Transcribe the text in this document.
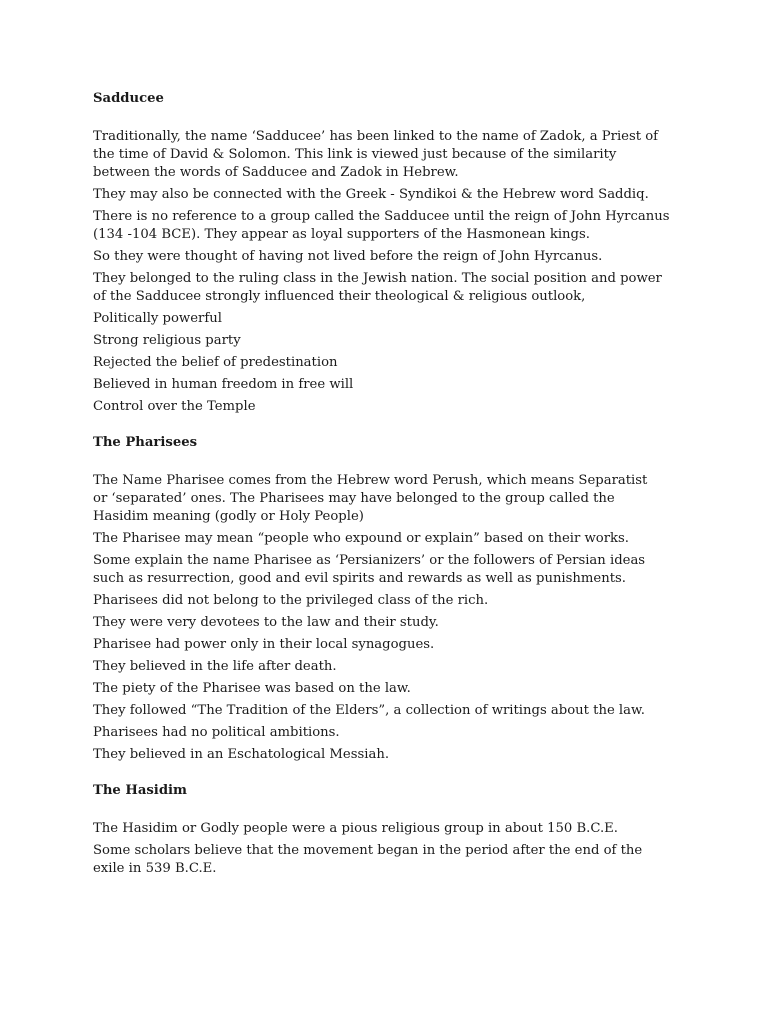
Sadducee
Traditionally, the name ‘Sadducee’ has been linked to the name of Zadok, a Priest of
the time of David & Solomon. This link is viewed just because of the similarity
between the words of Sadducee and Zadok in Hebrew.
They may also be connected with the Greek - Syndikoi & the Hebrew word Saddiq.
There is no reference to a group called the Sadducee until the reign of John Hyrcanus
(134 -104 BCE). They appear as loyal supporters of the Hasmonean kings.
So they were thought of having not lived before the reign of John Hyrcanus.
They belonged to the ruling class in the Jewish nation. The social position and power
of the Sadducee strongly influenced their theological & religious outlook,
Politically powerful
Strong religious party
Rejected the belief of predestination
Believed in human freedom in free will
Control over the Temple
The Pharisees
The Name Pharisee comes from the Hebrew word Perush, which means Separatist
or ‘separated’ ones. The Pharisees may have belonged to the group called the
Hasidim meaning (godly or Holy People)
The Pharisee may mean “people who expound or explain” based on their works.
Some explain the name Pharisee as ‘Persianizers’ or the followers of Persian ideas
such as resurrection, good and evil spirits and rewards as well as punishments.
Pharisees did not belong to the privileged class of the rich.
They were very devotees to the law and their study.
Pharisee had power only in their local synagogues.
They believed in the life after death.
The piety of the Pharisee was based on the law.
They followed “The Tradition of the Elders”, a collection of writings about the law.
Pharisees had no political ambitions.
They believed in an Eschatological Messiah.
The Hasidim
The Hasidim or Godly people were a pious religious group in about 150 B.C.E.
Some scholars believe that the movement began in the period after the end of the
exile in 539 B.C.E.
